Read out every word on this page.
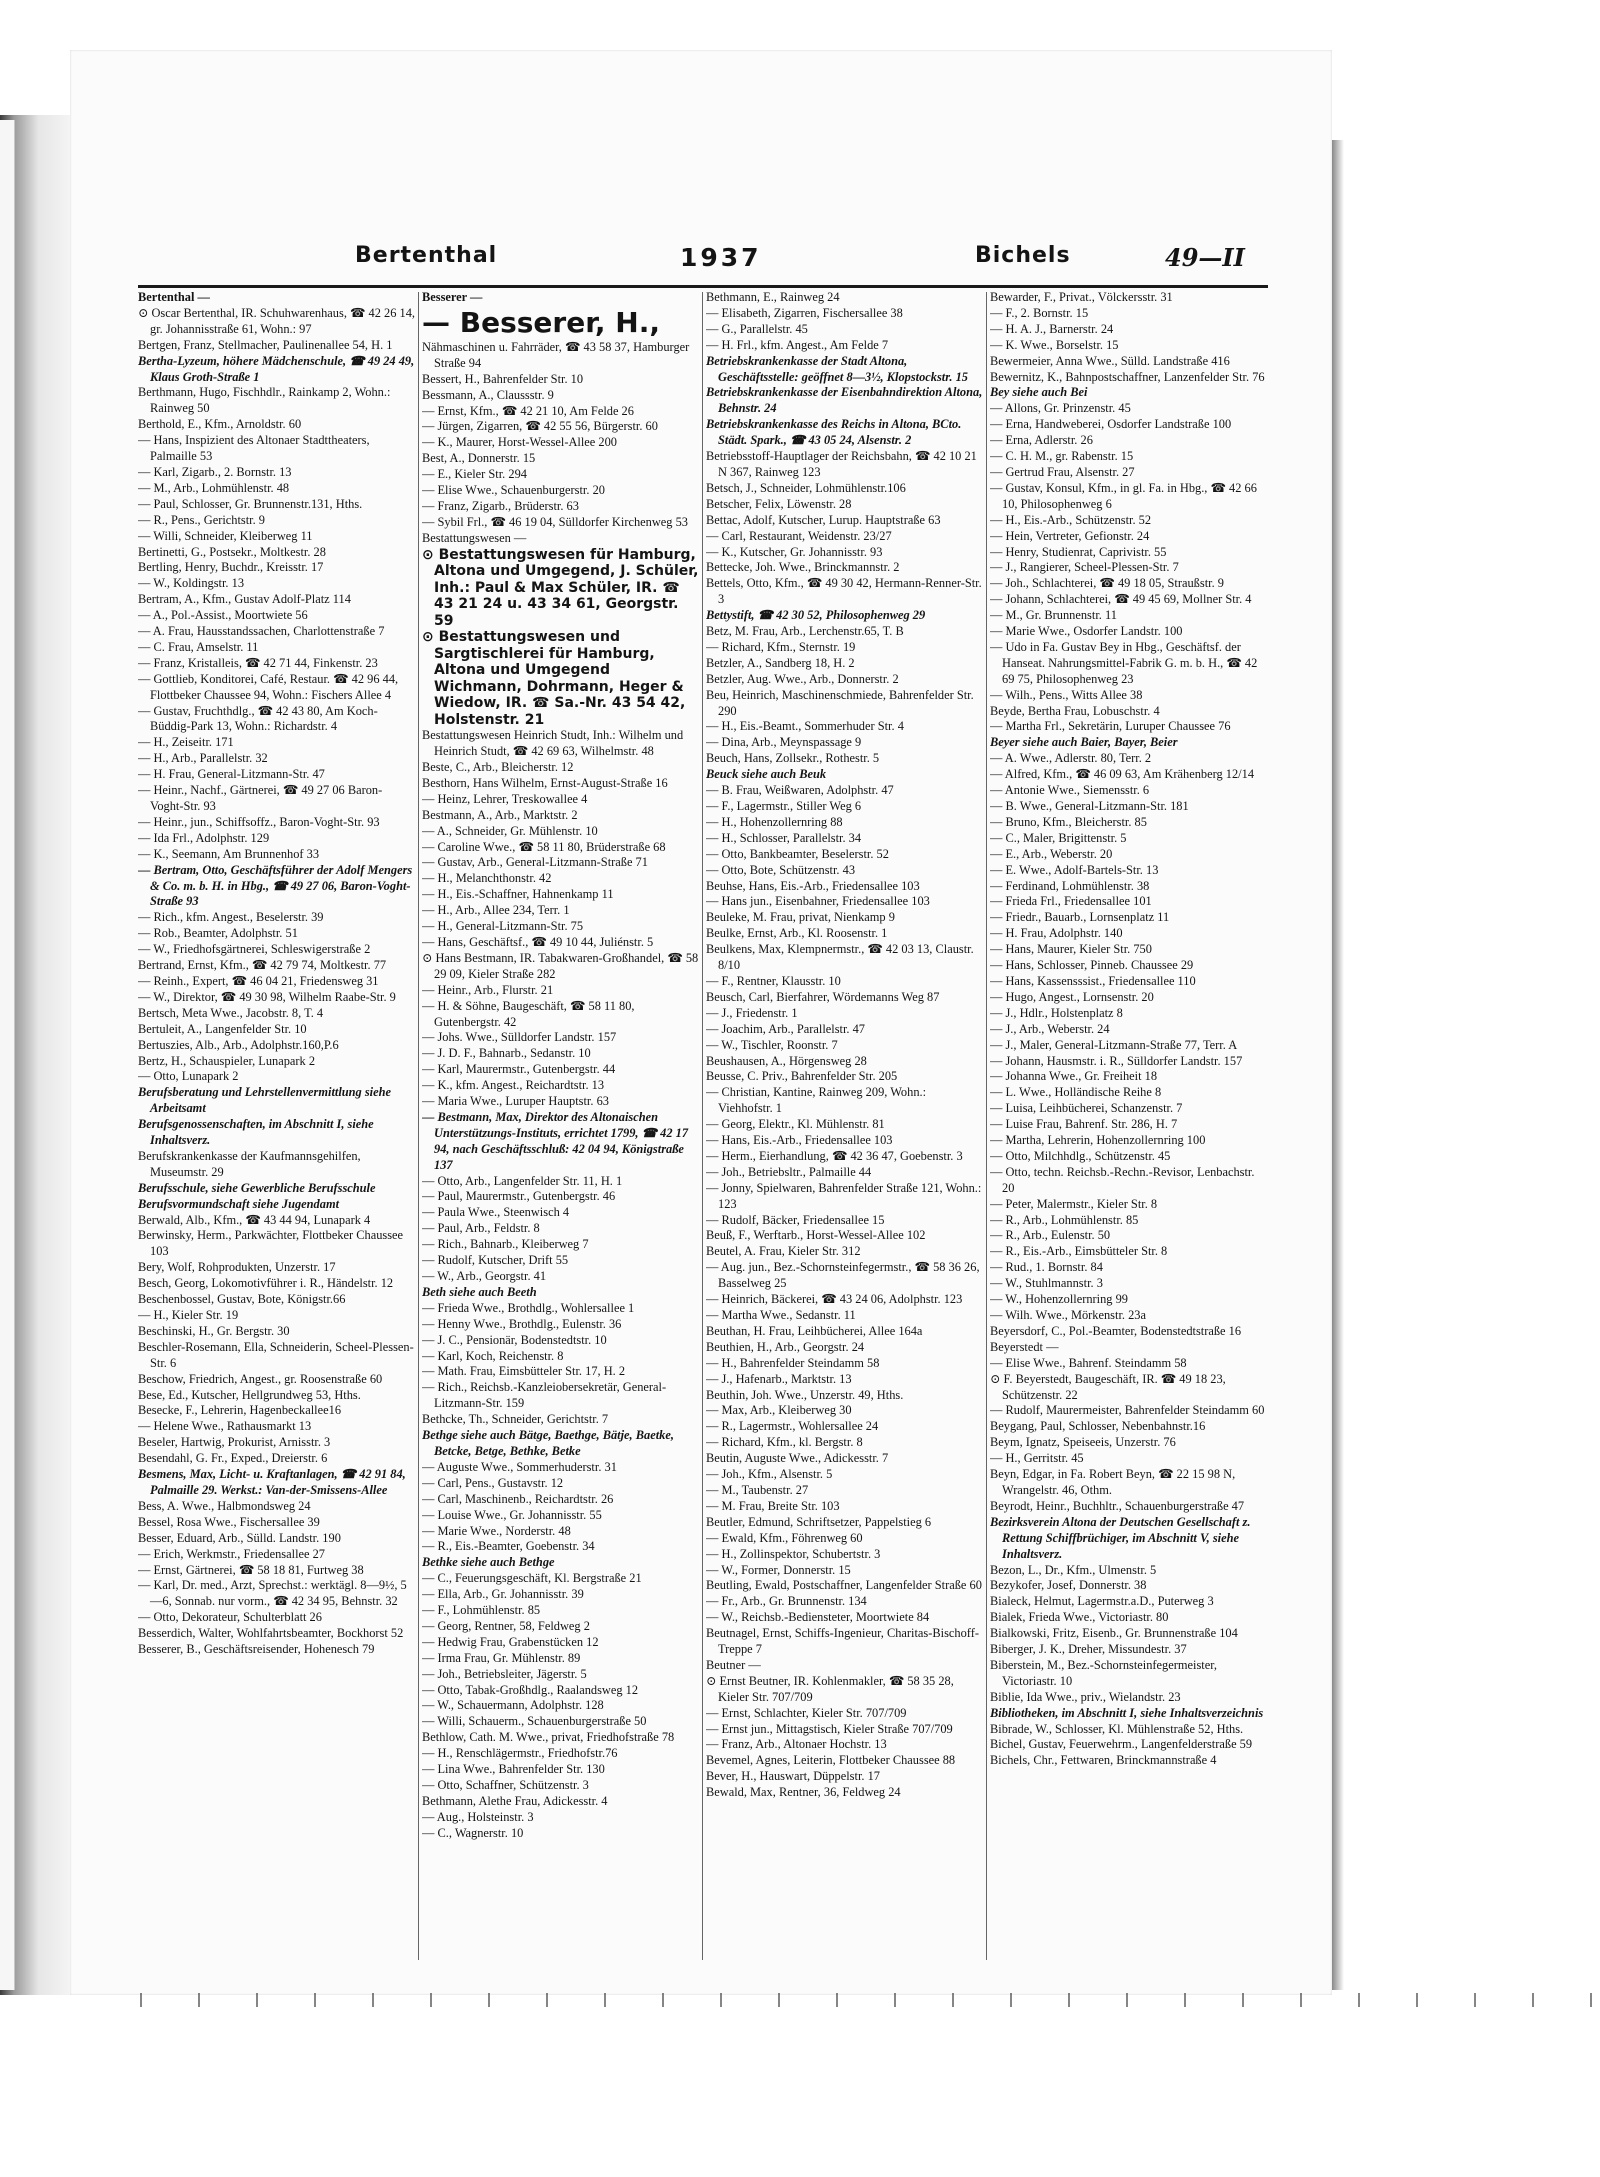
Bertenthal	1937	Bichels	49—II

Bertenthal —

⊙ Oscar Bertenthal, IR. Schuhwarenhaus, ☎ 42 26 14, gr. Johannisstraße 61, Wohn.: 97

Bertgen, Franz, Stellmacher, Paulinenallee 54, H. 1

Bertha-Lyzeum, höhere Mädchenschule, ☎ 49 24 49, Klaus Groth-Straße 1

Berthmann, Hugo, Fischhdlr., Rainkamp 2, Wohn.: Rainweg 50

Berthold, E., Kfm., Arnoldstr. 60

— Hans, Inspizient des Altonaer Stadttheaters, Palmaille 53

— Karl, Zigarb., 2. Bornstr. 13

— M., Arb., Lohmühlenstr. 48

— Paul, Schlosser, Gr. Brunnenstr.131, Hths.

— R., Pens., Gerichtstr. 9

— Willi, Schneider, Kleiberweg 11

Bertinetti, G., Postsekr., Moltkestr. 28

Bertling, Henry, Buchdr., Kreisstr. 17

— W., Koldingstr. 13

Bertram, A., Kfm., Gustav Adolf-Platz 114

— A., Pol.-Assist., Moortwiete 56

— A. Frau, Hausstandssachen, Charlottenstraße 7

— C. Frau, Amselstr. 11

— Franz, Kristalleis, ☎ 42 71 44, Finkenstr. 23

— Gottlieb, Konditorei, Café, Restaur. ☎ 42 96 44, Flottbeker Chaussee 94, Wohn.: Fischers Allee 4

— Gustav, Fruchthdlg., ☎ 42 43 80, Am Koch-Büddig-Park 13, Wohn.: Richardstr. 4

— H., Zeiseitr. 171

— H., Arb., Parallelstr. 32

— H. Frau, General-Litzmann-Str. 47

— Heinr., Nachf., Gärtnerei, ☎ 49 27 06 Baron-Voght-Str. 93

— Heinr., jun., Schiffsoffz., Baron-Voght-Str. 93

— Ida Frl., Adolphstr. 129

— K., Seemann, Am Brunnenhof 33

— Bertram, Otto, Geschäftsführer der Adolf Mengers & Co. m. b. H. in Hbg., ☎ 49 27 06, Baron-Voght-Straße 93

— Rich., kfm. Angest., Beselerstr. 39

— Rob., Beamter, Adolphstr. 51

— W., Friedhofsgärtnerei, Schleswigerstraße 2

Bertrand, Ernst, Kfm., ☎ 42 79 74, Moltkestr. 77

— Reinh., Expert, ☎ 46 04 21, Friedensweg 31

— W., Direktor, ☎ 49 30 98, Wilhelm Raabe-Str. 9

Bertsch, Meta Wwe., Jacobstr. 8, T. 4

Bertuleit, A., Langenfelder Str. 10

Bertuszies, Alb., Arb., Adolphstr.160,P.6

Bertz, H., Schauspieler, Lunapark 2

— Otto, Lunapark 2

Berufsberatung und Lehrstellenvermittlung siehe Arbeitsamt

Berufsgenossenschaften, im Abschnitt I, siehe Inhaltsverz.

Berufskrankenkasse der Kaufmannsgehilfen, Museumstr. 29

Berufsschule, siehe Gewerbliche Berufsschule

Berufsvormundschaft siehe Jugendamt

Berwald, Alb., Kfm., ☎ 43 44 94, Lunapark 4

Berwinsky, Herm., Parkwächter, Flottbeker Chaussee 103

Bery, Wolf, Rohprodukten, Unzerstr. 17

Besch, Georg, Lokomotivführer i. R., Händelstr. 12

Beschenbossel, Gustav, Bote, Königstr.66

— H., Kieler Str. 19

Beschinski, H., Gr. Bergstr. 30

Beschler-Rosemann, Ella, Schneiderin, Scheel-Plessen-Str. 6

Beschow, Friedrich, Angest., gr. Roosenstraße 60

Bese, Ed., Kutscher, Hellgrundweg 53, Hths.

Besecke, F., Lehrerin, Hagenbeckallee16

— Helene Wwe., Rathausmarkt 13

Beseler, Hartwig, Prokurist, Arnisstr. 3

Besendahl, G. Fr., Exped., Dreierstr. 6

Besmens, Max, Licht- u. Kraftanlagen, ☎ 42 91 84, Palmaille 29. Werkst.: Van-der-Smissens-Allee

Bess, A. Wwe., Halbmondsweg 24

Bessel, Rosa Wwe., Fischersallee 39

Besser, Eduard, Arb., Sülld. Landstr. 190

— Erich, Werkmstr., Friedensallee 27

— Ernst, Gärtnerei, ☎ 58 18 81, Furtweg 38

— Karl, Dr. med., Arzt, Sprechst.: werktägl. 8—9½, 5—6, Sonnab. nur vorm., ☎ 42 34 95, Behnstr. 32

— Otto, Dekorateur, Schulterblatt 26

Besserdich, Walter, Wohlfahrtsbeamter, Bockhorst 52

Besserer, B., Geschäftsreisender, Hohenesch 79

Besserer —

— Besserer, H.,

Nähmaschinen u. Fahrräder, ☎ 43 58 37, Hamburger Straße 94

Bessert, H., Bahrenfelder Str. 10

Bessmann, A., Claussstr. 9

— Ernst, Kfm., ☎ 42 21 10, Am Felde 26

— Jürgen, Zigarren, ☎ 42 55 56, Bürgerstr. 60

— K., Maurer, Horst-Wessel-Allee 200

Best, A., Donnerstr. 15

— E., Kieler Str. 294

— Elise Wwe., Schauenburgerstr. 20

— Franz, Zigarb., Brüderstr. 63

— Sybil Frl., ☎ 46 19 04, Sülldorfer Kirchenweg 53

Bestattungswesen —

⊙ Bestattungswesen für Hamburg, Altona und Umgegend, J. Schüler, Inh.: Paul & Max Schüler, IR. ☎ 43 21 24 u. 43 34 61, Georgstr. 59

⊙ Bestattungswesen und Sargtischlerei für Hamburg, Altona und Umgegend Wichmann, Dohrmann, Heger & Wiedow, IR. ☎ Sa.-Nr. 43 54 42, Holstenstr. 21

Bestattungswesen Heinrich Studt, Inh.: Wilhelm und Heinrich Studt, ☎ 42 69 63, Wilhelmstr. 48

Beste, C., Arb., Bleicherstr. 12

Besthorn, Hans Wilhelm, Ernst-August-Straße 16

— Heinz, Lehrer, Treskowallee 4

Bestmann, A., Arb., Marktstr. 2

— A., Schneider, Gr. Mühlenstr. 10

— Caroline Wwe., ☎ 58 11 80, Brüderstraße 68

— Gustav, Arb., General-Litzmann-Straße 71

— H., Melanchthonstr. 42

— H., Eis.-Schaffner, Hahnenkamp 11

— H., Arb., Allee 234, Terr. 1

— H., General-Litzmann-Str. 75

— Hans, Geschäftsf., ☎ 49 10 44, Juliénstr. 5

⊙ Hans Bestmann, IR. Tabakwaren-Großhandel, ☎ 58 29 09, Kieler Straße 282

— Heinr., Arb., Flurstr. 21

— H. & Söhne, Baugeschäft, ☎ 58 11 80, Gutenbergstr. 42

— Johs. Wwe., Sülldorfer Landstr. 157

— J. D. F., Bahnarb., Sedanstr. 10

— Karl, Maurermstr., Gutenbergstr. 44

— K., kfm. Angest., Reichardtstr. 13

— Maria Wwe., Luruper Hauptstr. 63

— Bestmann, Max, Direktor des Altonaischen Unterstützungs-Instituts, errichtet 1799, ☎ 42 17 94, nach Geschäftsschluß: 42 04 94, Königstraße 137

— Otto, Arb., Langenfelder Str. 11, H. 1

— Paul, Maurermstr., Gutenbergstr. 46

— Paula Wwe., Steenwisch 4

— Paul, Arb., Feldstr. 8

— Rich., Bahnarb., Kleiberweg 7

— Rudolf, Kutscher, Drift 55

— W., Arb., Georgstr. 41

Beth siehe auch Beeth

— Frieda Wwe., Brothdlg., Wohlersallee 1

— Henny Wwe., Brothdlg., Eulenstr. 36

— J. C., Pensionär, Bodenstedtstr. 10

— Karl, Koch, Reichenstr. 8

— Math. Frau, Eimsbütteler Str. 17, H. 2

— Rich., Reichsb.-Kanzleiobersekretär, General-Litzmann-Str. 159

Bethcke, Th., Schneider, Gerichtstr. 7

Bethge siehe auch Bätge, Baethge, Bätje, Baetke, Betcke, Betge, Bethke, Betke

— Auguste Wwe., Sommerhuderstr. 31

— Carl, Pens., Gustavstr. 12

— Carl, Maschinenb., Reichardtstr. 26

— Louise Wwe., Gr. Johannisstr. 55

— Marie Wwe., Norderstr. 48

— R., Eis.-Beamter, Goebenstr. 34

Bethke siehe auch Bethge

— C., Feuerungsgeschäft, Kl. Bergstraße 21

— Ella, Arb., Gr. Johannisstr. 39

— F., Lohmühlenstr. 85

— Georg, Rentner, 58, Feldweg 2

— Hedwig Frau, Grabenstücken 12

— Irma Frau, Gr. Mühlenstr. 89

— Joh., Betriebsleiter, Jägerstr. 5

— Otto, Tabak-Großhdlg., Raalandsweg 12

— W., Schauermann, Adolphstr. 128

— Willi, Schauerm., Schauenburgerstraße 50

Bethlow, Cath. M. Wwe., privat, Friedhofstraße 78

— H., Renschlägermstr., Friedhofstr.76

— Lina Wwe., Bahrenfelder Str. 130

— Otto, Schaffner, Schützenstr. 3

Bethmann, Alethe Frau, Adickesstr. 4

— Aug., Holsteinstr. 3

— C., Wagnerstr. 10

Bethmann, E., Rainweg 24

— Elisabeth, Zigarren, Fischersallee 38

— G., Parallelstr. 45

— H. Frl., kfm. Angest., Am Felde 7

Betriebskrankenkasse der Stadt Altona, Geschäftsstelle: geöffnet 8—3½, Klopstockstr. 15

Betriebskrankenkasse der Eisenbahndirektion Altona, Behnstr. 24

Betriebskrankenkasse des Reichs in Altona, BCto. Städt. Spark., ☎ 43 05 24, Alsenstr. 2

Betriebsstoff-Hauptlager der Reichsbahn, ☎ 42 10 21 N 367, Rainweg 123

Betsch, J., Schneider, Lohmühlenstr.106

Betscher, Felix, Löwenstr. 28

Bettac, Adolf, Kutscher, Lurup. Hauptstraße 63

— Carl, Restaurant, Weidenstr. 23/27

— K., Kutscher, Gr. Johannisstr. 93

Bettecke, Joh. Wwe., Brinckmannstr. 2

Bettels, Otto, Kfm., ☎ 49 30 42, Hermann-Renner-Str. 3

Bettystift, ☎ 42 30 52, Philosophenweg 29

Betz, M. Frau, Arb., Lerchenstr.65, T. B

— Richard, Kfm., Sternstr. 19

Betzler, A., Sandberg 18, H. 2

Betzler, Aug. Wwe., Arb., Donnerstr. 2

Beu, Heinrich, Maschinenschmiede, Bahrenfelder Str. 290

— H., Eis.-Beamt., Sommerhuder Str. 4

— Dina, Arb., Meynspassage 9

Beuch, Hans, Zollsekr., Rothestr. 5

Beuck siehe auch Beuk

— B. Frau, Weißwaren, Adolphstr. 47

— F., Lagermstr., Stiller Weg 6

— H., Hohenzollernring 88

— H., Schlosser, Parallelstr. 34

— Otto, Bankbeamter, Beselerstr. 52

— Otto, Bote, Schützenstr. 43

Beuhse, Hans, Eis.-Arb., Friedensallee 103

— Hans jun., Eisenbahner, Friedensallee 103

Beuleke, M. Frau, privat, Nienkamp 9

Beulke, Ernst, Arb., Kl. Roosenstr. 1

Beulkens, Max, Klempnermstr., ☎ 42 03 13, Claustr. 8/10

— F., Rentner, Klausstr. 10

Beusch, Carl, Bierfahrer, Wördemanns Weg 87

— J., Friedenstr. 1

— Joachim, Arb., Parallelstr. 47

— W., Tischler, Roonstr. 7

Beushausen, A., Hörgensweg 28

Beusse, C. Priv., Bahrenfelder Str. 205

— Christian, Kantine, Rainweg 209, Wohn.: Viehhofstr. 1

— Georg, Elektr., Kl. Mühlenstr. 81

— Hans, Eis.-Arb., Friedensallee 103

— Herm., Eierhandlung, ☎ 42 36 47, Goebenstr. 3

— Joh., Betriebsltr., Palmaille 44

— Jonny, Spielwaren, Bahrenfelder Straße 121, Wohn.: 123

— Rudolf, Bäcker, Friedensallee 15

Beuß, F., Werftarb., Horst-Wessel-Allee 102

Beutel, A. Frau, Kieler Str. 312

— Aug. jun., Bez.-Schornsteinfegermstr., ☎ 58 36 26, Basselweg 25

— Heinrich, Bäckerei, ☎ 43 24 06, Adolphstr. 123

— Martha Wwe., Sedanstr. 11

Beuthan, H. Frau, Leihbücherei, Allee 164a

Beuthien, H., Arb., Georgstr. 24

— H., Bahrenfelder Steindamm 58

— J., Hafenarb., Marktstr. 13

Beuthin, Joh. Wwe., Unzerstr. 49, Hths.

— Max, Arb., Kleiberweg 30

— R., Lagermstr., Wohlersallee 24

— Richard, Kfm., kl. Bergstr. 8

Beutin, Auguste Wwe., Adickesstr. 7

— Joh., Kfm., Alsenstr. 5

— M., Taubenstr. 27

— M. Frau, Breite Str. 103

Beutler, Edmund, Schriftsetzer, Pappelstieg 6

— Ewald, Kfm., Föhrenweg 60

— H., Zollinspektor, Schubertstr. 3

— W., Former, Donnerstr. 15

Beutling, Ewald, Postschaffner, Langenfelder Straße 60

— Fr., Arb., Gr. Brunnenstr. 134

— W., Reichsb.-Bediensteter, Moortwiete 84

Beutnagel, Ernst, Schiffs-Ingenieur, Charitas-Bischoff-Treppe 7

Beutner —

⊙ Ernst Beutner, IR. Kohlenmakler, ☎ 58 35 28, Kieler Str. 707/709

— Ernst, Schlachter, Kieler Str. 707/709

— Ernst jun., Mittagstisch, Kieler Straße 707/709

— Franz, Arb., Altonaer Hochstr. 13

Bevemel, Agnes, Leiterin, Flottbeker Chaussee 88

Bever, H., Hauswart, Düppelstr. 17

Bewald, Max, Rentner, 36, Feldweg 24

Bewarder, F., Privat., Völckersstr. 31

— F., 2. Bornstr. 15

— H. A. J., Barnerstr. 24

— K. Wwe., Borselstr. 15

Bewermeier, Anna Wwe., Sülld. Landstraße 416

Bewernitz, K., Bahnpostschaffner, Lanzenfelder Str. 76

Bey siehe auch Bei

— Allons, Gr. Prinzenstr. 45

— Erna, Handweberei, Osdorfer Landstraße 100

— Erna, Adlerstr. 26

— C. H. M., gr. Rabenstr. 15

— Gertrud Frau, Alsenstr. 27

— Gustav, Konsul, Kfm., in gl. Fa. in Hbg., ☎ 42 66 10, Philosophenweg 6

— H., Eis.-Arb., Schützenstr. 52

— Hein, Vertreter, Gefionstr. 24

— Henry, Studienrat, Caprivistr. 55

— J., Rangierer, Scheel-Plessen-Str. 7

— Joh., Schlachterei, ☎ 49 18 05, Straußstr. 9

— Johann, Schlachterei, ☎ 49 45 69, Mollner Str. 4

— M., Gr. Brunnenstr. 11

— Marie Wwe., Osdorfer Landstr. 100

— Udo in Fa. Gustav Bey in Hbg., Geschäftsf. der Hanseat. Nahrungsmittel-Fabrik G. m. b. H., ☎ 42 69 75, Philosophenweg 23

— Wilh., Pens., Witts Allee 38

Beyde, Bertha Frau, Lobuschstr. 4

— Martha Frl., Sekretärin, Luruper Chaussee 76

Beyer siehe auch Baier, Bayer, Beier

— A. Wwe., Adlerstr. 80, Terr. 2

— Alfred, Kfm., ☎ 46 09 63, Am Krähenberg 12/14

— Antonie Wwe., Siemensstr. 6

— B. Wwe., General-Litzmann-Str. 181

— Bruno, Kfm., Bleicherstr. 85

— C., Maler, Brigittenstr. 5

— E., Arb., Weberstr. 20

— E. Wwe., Adolf-Bartels-Str. 13

— Ferdinand, Lohmühlenstr. 38

— Frieda Frl., Friedensallee 101

— Friedr., Bauarb., Lornsenplatz 11

— H. Frau, Adolphstr. 140

— Hans, Maurer, Kieler Str. 750

— Hans, Schlosser, Pinneb. Chaussee 29

— Hans, Kassensssist., Friedensallee 110

— Hugo, Angest., Lornsenstr. 20

— J., Hdlr., Holstenplatz 8

— J., Arb., Weberstr. 24

— J., Maler, General-Litzmann-Straße 77, Terr. A

— Johann, Hausmstr. i. R., Sülldorfer Landstr. 157

— Johanna Wwe., Gr. Freiheit 18

— L. Wwe., Holländische Reihe 8

— Luisa, Leihbücherei, Schanzenstr. 7

— Luise Frau, Bahrenf. Str. 286, H. 7

— Martha, Lehrerin, Hohenzollernring 100

— Otto, Milchhdlg., Schützenstr. 45

— Otto, techn. Reichsb.-Rechn.-Revisor, Lenbachstr. 20

— Peter, Malermstr., Kieler Str. 8

— R., Arb., Lohmühlenstr. 85

— R., Arb., Eulenstr. 50

— R., Eis.-Arb., Eimsbütteler Str. 8

— Rud., 1. Bornstr. 84

— W., Stuhlmannstr. 3

— W., Hohenzollernring 99

— Wilh. Wwe., Mörkenstr. 23a

Beyersdorf, C., Pol.-Beamter, Bodenstedtstraße 16

Beyerstedt —

— Elise Wwe., Bahrenf. Steindamm 58

⊙ F. Beyerstedt, Baugeschäft, IR. ☎ 49 18 23, Schützenstr. 22

— Rudolf, Maurermeister, Bahrenfelder Steindamm 60

Beygang, Paul, Schlosser, Nebenbahnstr.16

Beym, Ignatz, Speiseeis, Unzerstr. 76

— H., Gerritstr. 45

Beyn, Edgar, in Fa. Robert Beyn, ☎ 22 15 98 N, Wrangelstr. 46, Othm.

Beyrodt, Heinr., Buchhltr., Schauenburgerstraße 47

Bezirksverein Altona der Deutschen Gesellschaft z. Rettung Schiffbrüchiger, im Abschnitt V, siehe Inhaltsverz.

Bezon, L., Dr., Kfm., Ulmenstr. 5

Bezykofer, Josef, Donnerstr. 38

Bialeck, Helmut, Lagermstr.a.D., Puterweg 3

Bialek, Frieda Wwe., Victoriastr. 80

Bialkowski, Fritz, Eisenb., Gr. Brunnenstraße 104

Biberger, J. K., Dreher, Missundestr. 37

Biberstein, M., Bez.-Schornsteinfegermeister, Victoriastr. 10

Biblie, Ida Wwe., priv., Wielandstr. 23

Bibliotheken, im Abschnitt I, siehe Inhaltsverzeichnis

Bibrade, W., Schlosser, Kl. Mühlenstraße 52, Hths.

Bichel, Gustav, Feuerwehrm., Langenfelderstraße 59

Bichels, Chr., Fettwaren, Brinckmannstraße 4
